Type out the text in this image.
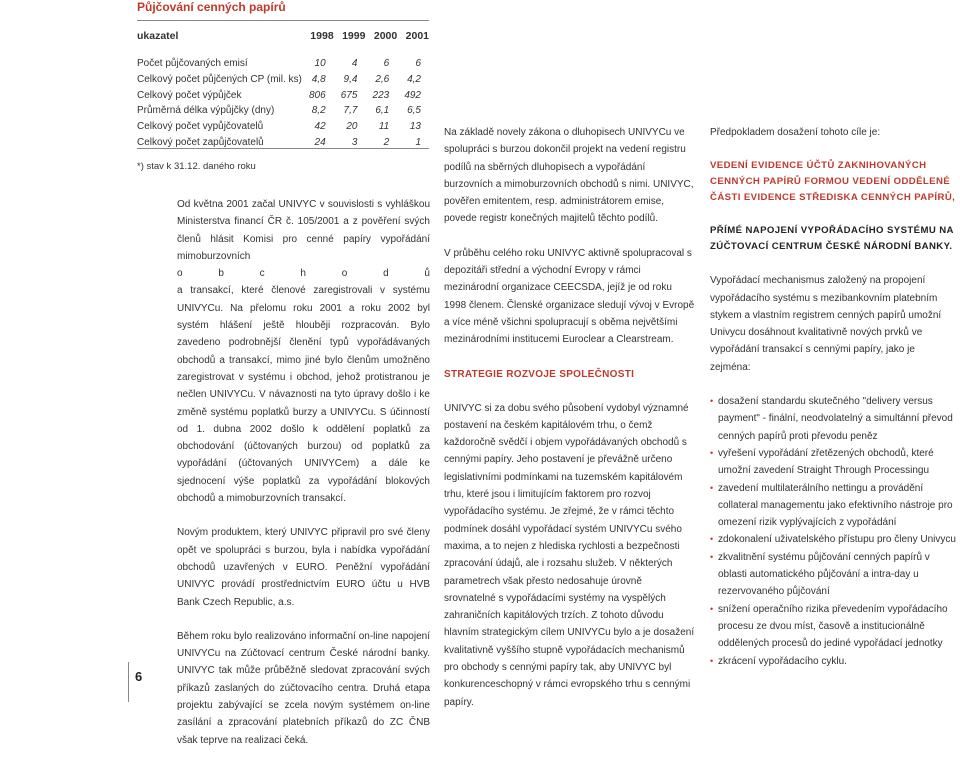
Půjčování cenných papírů
ukazatel	1998	1999	2000	2001
Počet půjčovaných emisí	10	4	6	6
Celkový počet půjčených CP (mil. ks)	4,8	9,4	2,6	4,2
Celkový počet výpůjček	806	675	223	492
Průměrná délka výpůjčky (dny)	8,2	7,7	6,1	6,5
Celkový počet vypůjčovatelů	42	20	11	13
Celkový počet zapůjčovatelů	24	3	2	1
*) stav k 31.12. daného roku
Od května 2001 začal UNIVYC v souvislosti s vyhláškou Ministerstva financí ČR č. 105/2001 a z pověření svých členů hlásit Komisi pro cenné papíry vypořádání mimoburzovních
o	b	c	h	o	d	ů

a transakcí, které členové zaregistrovali v systému UNIVYCu. Na přelomu roku 2001 a roku 2002 byl systém hlášení ještě hlouběji rozpracován. Bylo zavedeno podrobnější členění typů vypořádávaných obchodů a transakcí, mimo jiné bylo členům umožněno zaregistrovat v systému i obchod, jehož protistranou je nečlen UNIVYCu. V návaznosti na tyto úpravy došlo i ke změně systému poplatků burzy a UNIVYCu. S účinností od 1. dubna 2002 došlo k oddělení poplatků za obchodování (účtovaných burzou) od poplatků za vypořádání (účtovaných UNIVYCem) a dále ke sjednocení výše poplatků za vypořádání blokových obchodů a mimoburzovních transakcí.

Novým produktem, který UNIVYC připravil pro své členy opět ve spolupráci s burzou, byla i nabídka vypořádání obchodů uzavřených v EURO. Peněžní vypořádání UNIVYC provádí prostřednictvím EURO účtu u HVB Bank Czech Republic, a.s.

Během roku bylo realizováno informační on-line napojení UNIVYCu na Zúčtovací centrum České národní banky. UNIVYC tak může průběžně sledovat zpracování svých příkazů zaslaných do zúčtovacího centra. Druhá etapa projektu zabývající se zcela novým systémem on-line zasílání a zpracování platebních příkazů do ZC ČNB však teprve na realizaci čeká.

Na základě novely zákona o dluhopisech UNIVYCu ve spolupráci s burzou dokončil projekt na vedení registru podílů na sběrných dluhopisech a vypořádání burzovních a mimoburzovních obchodů s nimi. UNIVYC, pověřen emitentem, resp. administrátorem emise, povede registr konečných majitelů těchto podílů.

V průběhu celého roku UNIVYC aktivně spolupracoval s depozitáři střední a východní Evropy v rámci mezinárodní organizace CEECSDA, jejíž je od roku 1998 členem. Členské organizace sledují vývoj v Evropě a více méně všichni spolupracují s oběma největšími mezinárodními institucemi Euroclear a Clearstream.

STRATEGIE ROZVOJE SPOLEČNOSTI

UNIVYC si za dobu svého působení vydobyl významné postavení na českém kapitálovém trhu, o čemž každoročně svědčí i objem vypořádávaných obchodů s cennými papíry. Jeho postavení je převážně určeno legislativními podmínkami na tuzemském kapitálovém trhu, které jsou i limitujícím faktorem pro rozvoj vypořádacího systému. Je zřejmé, že v rámci těchto podmínek dosáhl vypořádací systém UNIVYCu svého maxima, a to nejen z hlediska rychlosti a bezpečnosti zpracování údajů, ale i rozsahu služeb. V některých parametrech však přesto nedosahuje úrovně srovnatelné s vypořádacími systémy na vyspělých zahraničních kapitálových trzích. Z tohoto důvodu hlavním strategickým cílem UNIVYCu bylo a je dosažení kvalitativně vyššího stupně vypořádacích mechanismů pro obchody s cennými papíry tak, aby UNIVYC byl konkurenceschopný v rámci evropského trhu s cennými papíry.

Předpokladem dosažení tohoto cíle je:

VEDENÍ EVIDENCE ÚČTŮ ZAKNIHOVANÝCH CENNÝCH PAPÍRŮ FORMOU VEDENÍ ODDĚLENÉ ČÁSTI EVIDENCE STŘEDISKA CENNÝCH PAPÍRŮ,

PŘÍMÉ NAPOJENÍ VYPOŘÁDACÍHO SYSTÉMU NA ZÚČTOVACÍ CENTRUM ČESKÉ NÁRODNÍ BANKY.

Vypořádací mechanismus založený na propojení vypořádacího systému s mezibankovním platebním stykem a vlastním registrem cenných papírů umožní Univycu dosáhnout kvalitativně nových prvků ve vypořádání transakcí s cennými papíry, jako je zejména:

• dosažení standardu skutečného "delivery versus payment" - finální, neodvolatelný a simultánní převod cenných papírů proti převodu peněz
• vyřešení vypořádání zřetězených obchodů, které umožní zavedení Straight Through Processingu
• zavedení multilaterálního nettingu a provádění collateral managementu jako efektivního nástroje pro omezení rizik vyplývajících z vypořádání
• zdokonalení uživatelského přístupu pro členy Univycu
• zkvalitnění systému půjčování cenných papírů v oblasti automatického půjčování a intra-day u rezervovaného půjčování
• snížení operačního rizika převedením vypořádacího procesu ze dvou míst, časově a institucionálně oddělených procesů do jediné vypořádací jednotky
• zkrácení vypořádacího cyklu.
6
